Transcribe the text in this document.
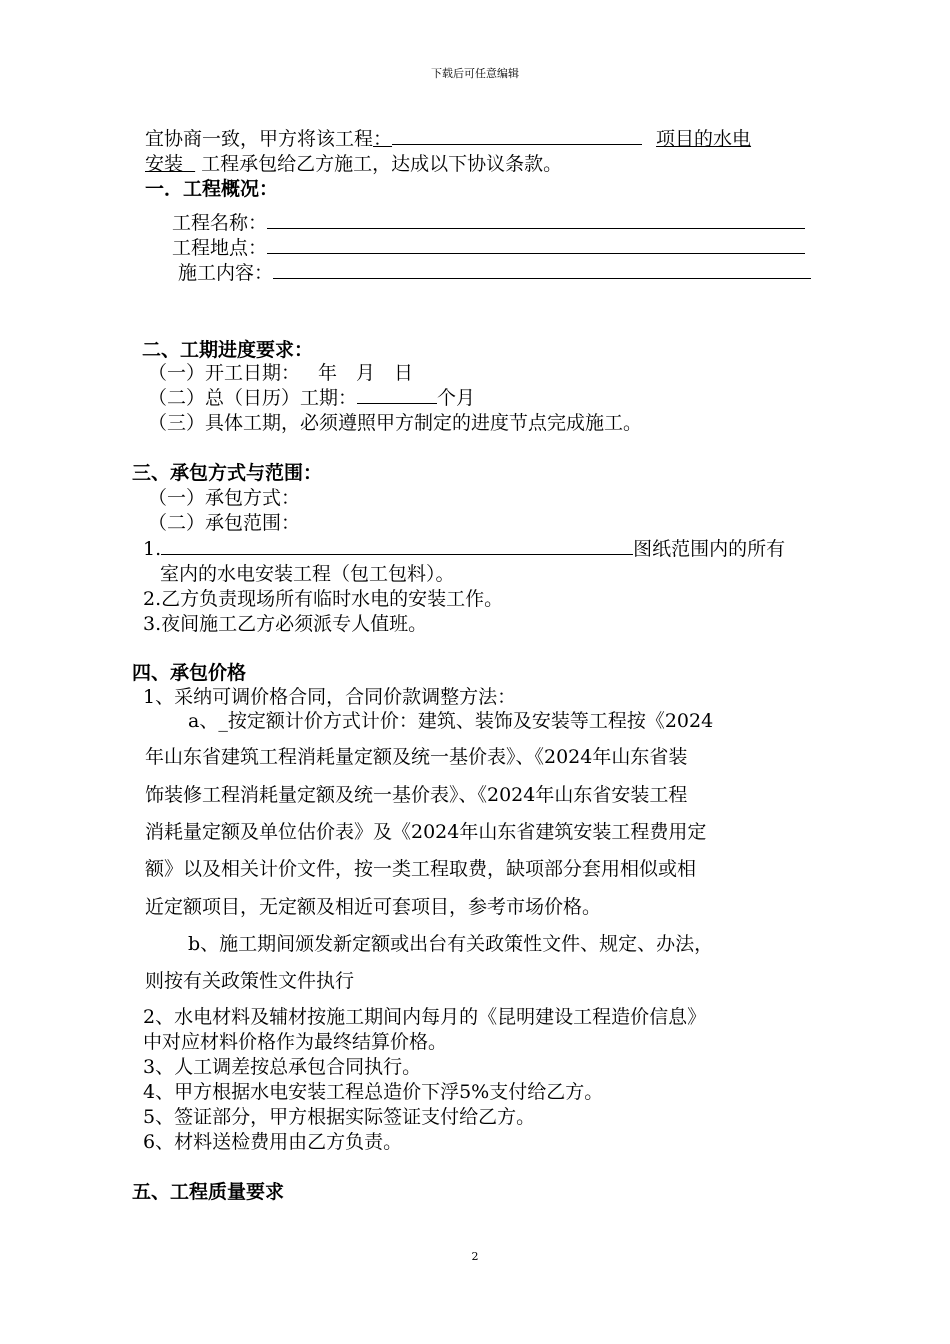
下载后可任意编辑
宜协商一致，甲方将该工程：	项目的水电
安装 工程承包给乙方施工，达成以下协议条款。
一．工程概况：
工程名称：
工程地点：
施工内容：
二、工期进度要求：
（一）开工日期： 年　月　日
（二）总（日历）工期：	个月
（三）具体工期，必须遵照甲方制定的进度节点完成施工。
三、承包方式与范围：
（一）承包方式：
（二）承包范围：
1.	图纸范围内的所有
室内的水电安装工程（包工包料）。
2.乙方负责现场所有临时水电的安装工作。
3.夜间施工乙方必须派专人值班。
四、承包价格
1、采纳可调价格合同，合同价款调整方法：
a、_按定额计价方式计价：建筑、装饰及安装等工程按《2024
年山东省建筑工程消耗量定额及统一基价表》、《2024年山东省装
饰装修工程消耗量定额及统一基价表》、《2024年山东省安装工程
消耗量定额及单位估价表》及《2024年山东省建筑安装工程费用定
额》以及相关计价文件，按一类工程取费，缺项部分套用相似或相
近定额项目，无定额及相近可套项目，参考市场价格。
b、施工期间颁发新定额或出台有关政策性文件、规定、办法，
则按有关政策性文件执行
2、水电材料及辅材按施工期间内每月的《昆明建设工程造价信息》
中对应材料价格作为最终结算价格。
3、人工调差按总承包合同执行。
4、甲方根据水电安装工程总造价下浮5%支付给乙方。
5、签证部分，甲方根据实际签证支付给乙方。
6、材料送检费用由乙方负责。
五、工程质量要求
2
